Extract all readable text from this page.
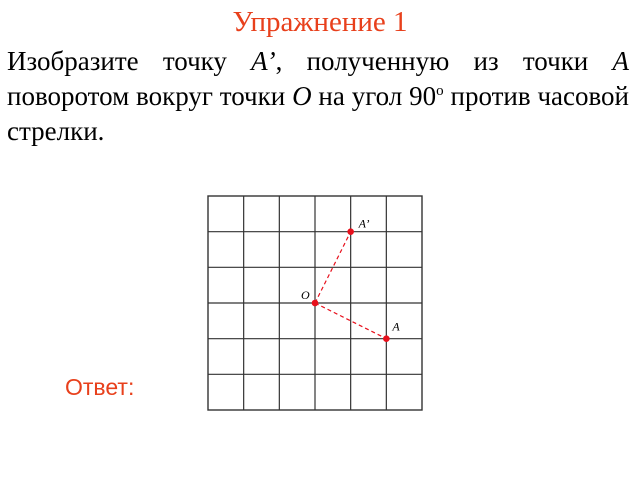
Упражнение 1
Изобразите точку A’, полученную из точки A поворотом вокруг точки O на угол $90^о$ против часовой стрелки.
O
A
A’
Ответ:
